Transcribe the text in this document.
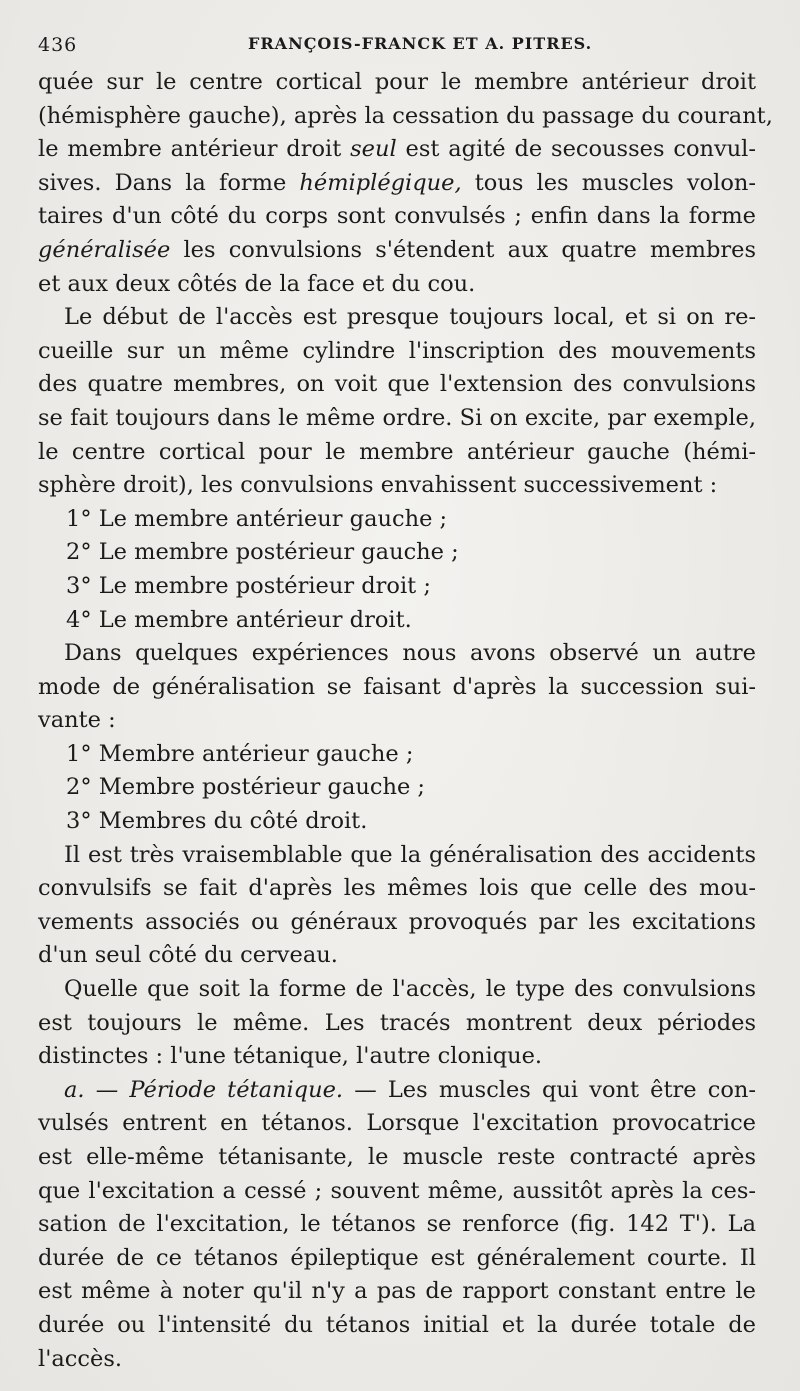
436	FRANÇOIS-FRANCK ET A. PITRES.
quée sur le centre cortical pour le membre antérieur droit
(hémisphère gauche), après la cessation du passage du courant,
le membre antérieur droit seul est agité de secousses convul-
sives. Dans la forme hémiplégique, tous les muscles volon-
taires d'un côté du corps sont convulsés ; enfin dans la forme
généralisée les convulsions s'étendent aux quatre membres
et aux deux côtés de la face et du cou.
Le début de l'accès est presque toujours local, et si on re-
cueille sur un même cylindre l'inscription des mouvements
des quatre membres, on voit que l'extension des convulsions
se fait toujours dans le même ordre. Si on excite, par exemple,
le centre cortical pour le membre antérieur gauche (hémi-
sphère droit), les convulsions envahissent successivement :
1° Le membre antérieur gauche ;
2° Le membre postérieur gauche ;
3° Le membre postérieur droit ;
4° Le membre antérieur droit.
Dans quelques expériences nous avons observé un autre
mode de généralisation se faisant d'après la succession sui-
vante :
1° Membre antérieur gauche ;
2° Membre postérieur gauche ;
3° Membres du côté droit.
Il est très vraisemblable que la généralisation des accidents
convulsifs se fait d'après les mêmes lois que celle des mou-
vements associés ou généraux provoqués par les excitations
d'un seul côté du cerveau.
Quelle que soit la forme de l'accès, le type des convulsions
est toujours le même. Les tracés montrent deux périodes
distinctes : l'une tétanique, l'autre clonique.
a. — Période tétanique. — Les muscles qui vont être con-
vulsés entrent en tétanos. Lorsque l'excitation provocatrice
est elle-même tétanisante, le muscle reste contracté après
que l'excitation a cessé ; souvent même, aussitôt après la ces-
sation de l'excitation, le tétanos se renforce (fig. 142 T'). La
durée de ce tétanos épileptique est généralement courte. Il
est même à noter qu'il n'y a pas de rapport constant entre le
durée ou l'intensité du tétanos initial et la durée totale de
l'accès.
